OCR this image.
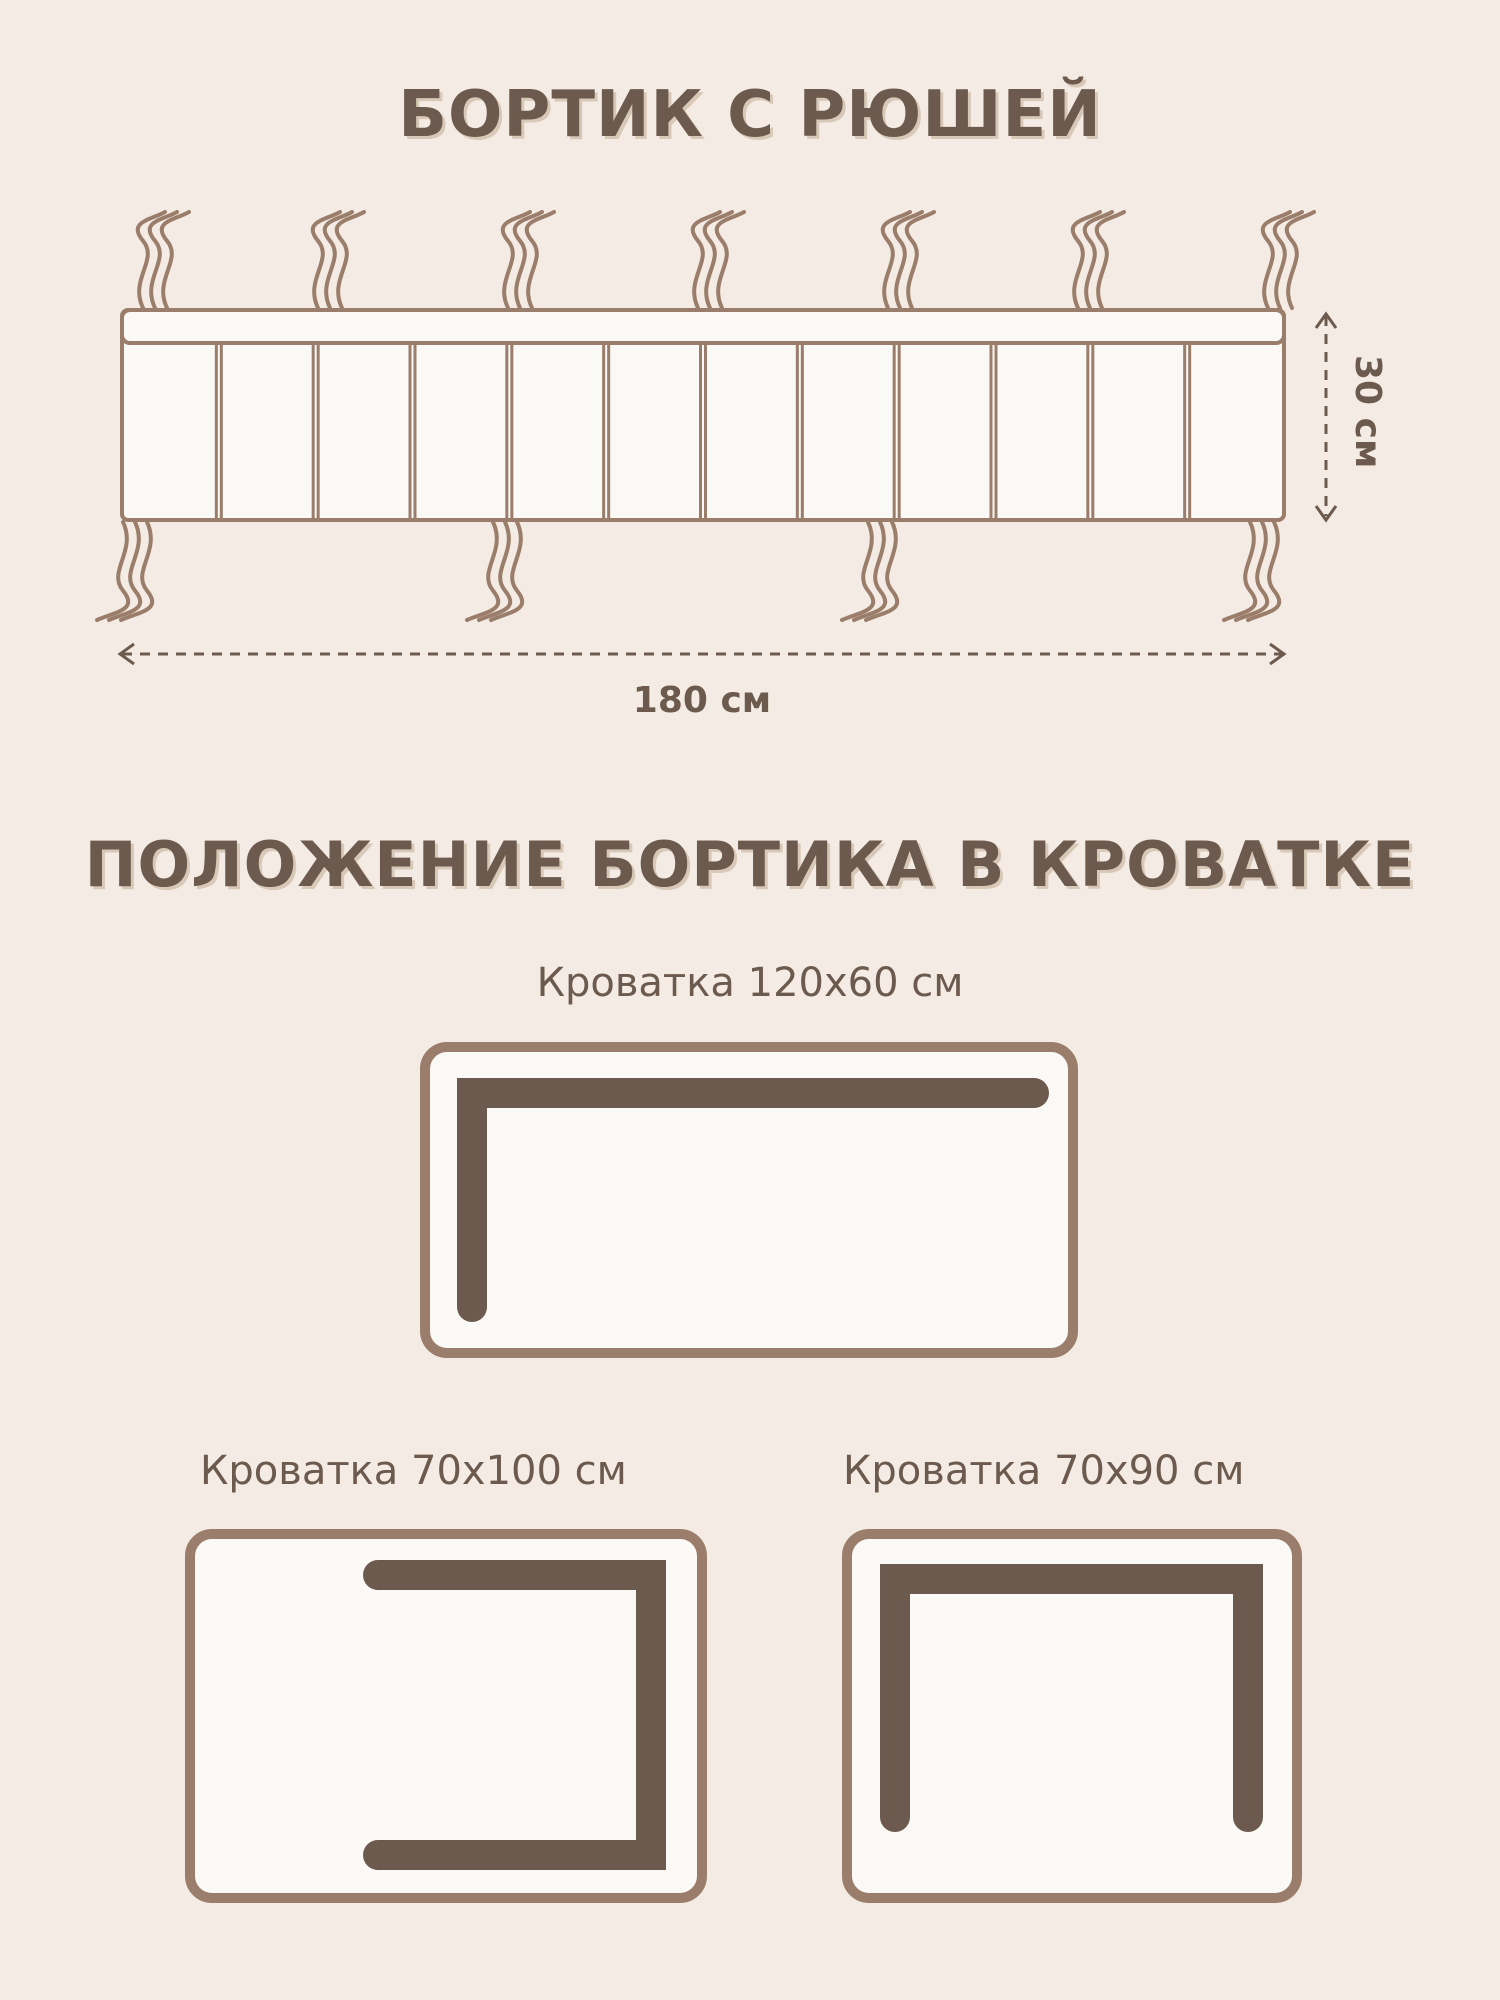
БОРТИК С РЮШЕЙ
180 см
30 см
ПОЛОЖЕНИЕ БОРТИКА В КРОВАТКЕ
Кроватка 120х60 см
Кроватка 70х100 см	Кроватка 70х90 см
